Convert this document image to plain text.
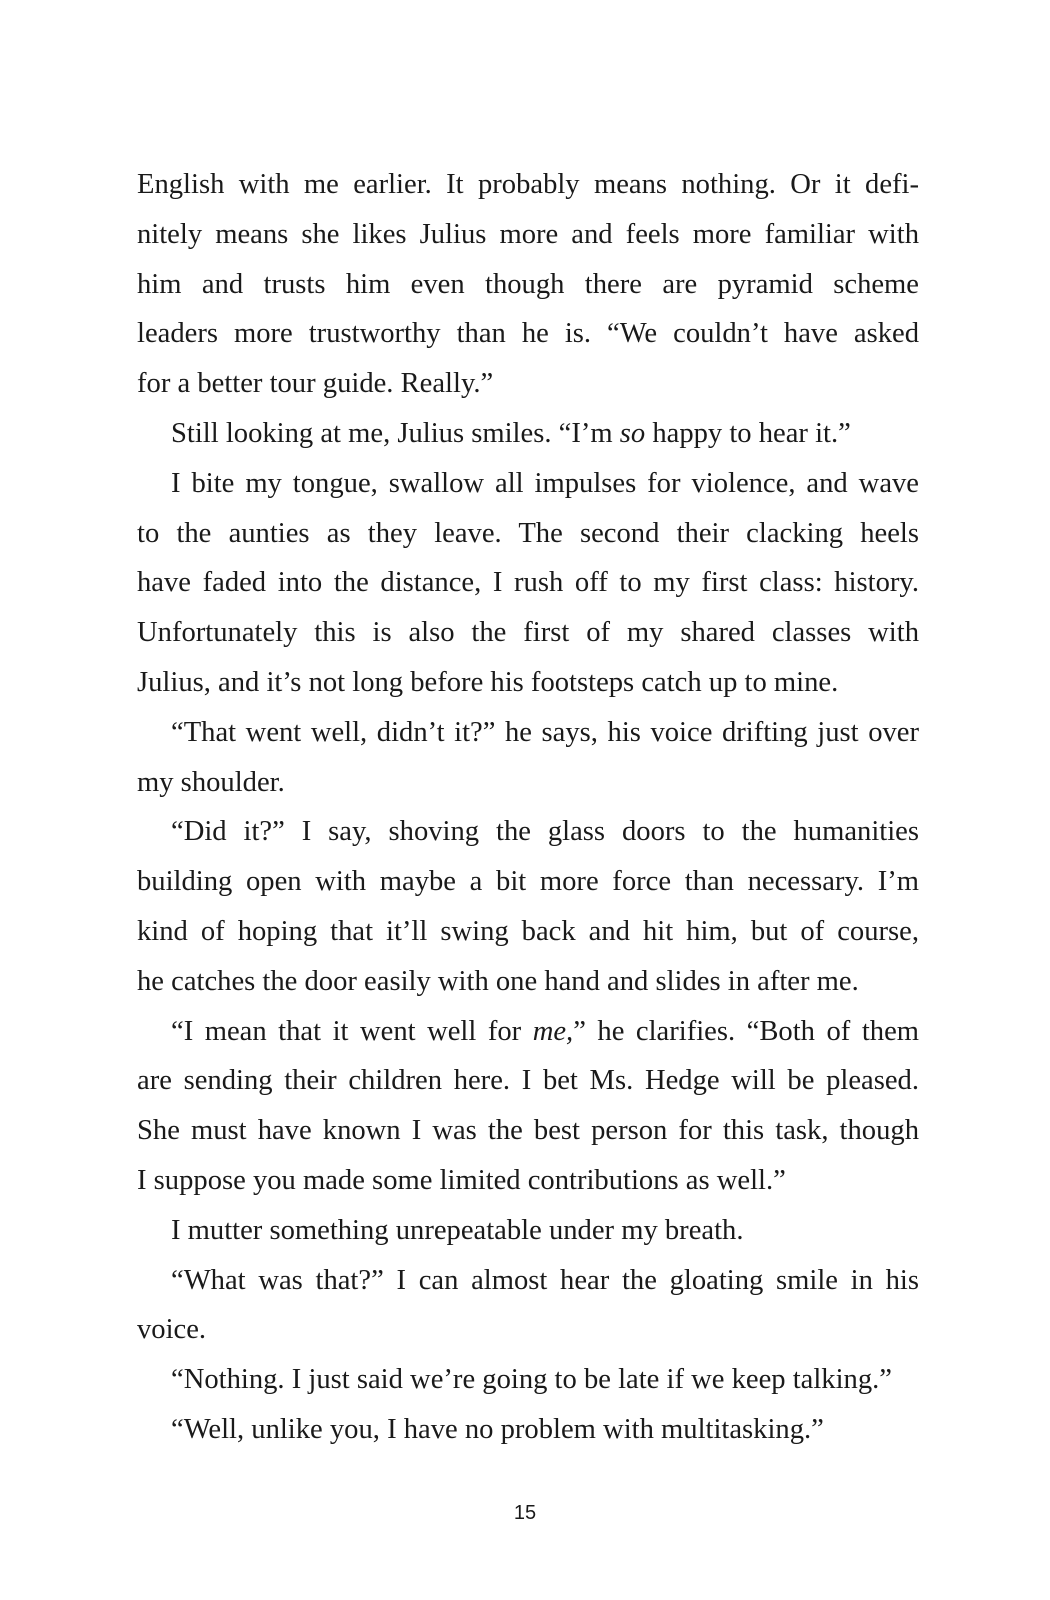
English with me earlier. It probably means nothing. Or it defi-
nitely means she likes Julius more and feels more familiar with
him and trusts him even though there are pyramid scheme
leaders more trustworthy than he is. “We couldn’t have asked
for a better tour guide. Really.”
Still looking at me, Julius smiles. “I’m so happy to hear it.”
I bite my tongue, swallow all impulses for violence, and wave
to the aunties as they leave. The second their clacking heels
have faded into the distance, I rush off to my first class: history.
Unfortunately this is also the first of my shared classes with
Julius, and it’s not long before his footsteps catch up to mine.
“That went well, didn’t it?” he says, his voice drifting just over
my shoulder.
“Did it?” I say, shoving the glass doors to the humanities
building open with maybe a bit more force than necessary. I’m
kind of hoping that it’ll swing back and hit him, but of course,
he catches the door easily with one hand and slides in after me.
“I mean that it went well for me,” he clarifies. “Both of them
are sending their children here. I bet Ms. Hedge will be pleased.
She must have known I was the best person for this task, though
I suppose you made some limited contributions as well.”
I mutter something unrepeatable under my breath.
“What was that?” I can almost hear the gloating smile in his
voice.
“Nothing. I just said we’re going to be late if we keep talking.”
“Well, unlike you, I have no problem with multitasking.”
15
